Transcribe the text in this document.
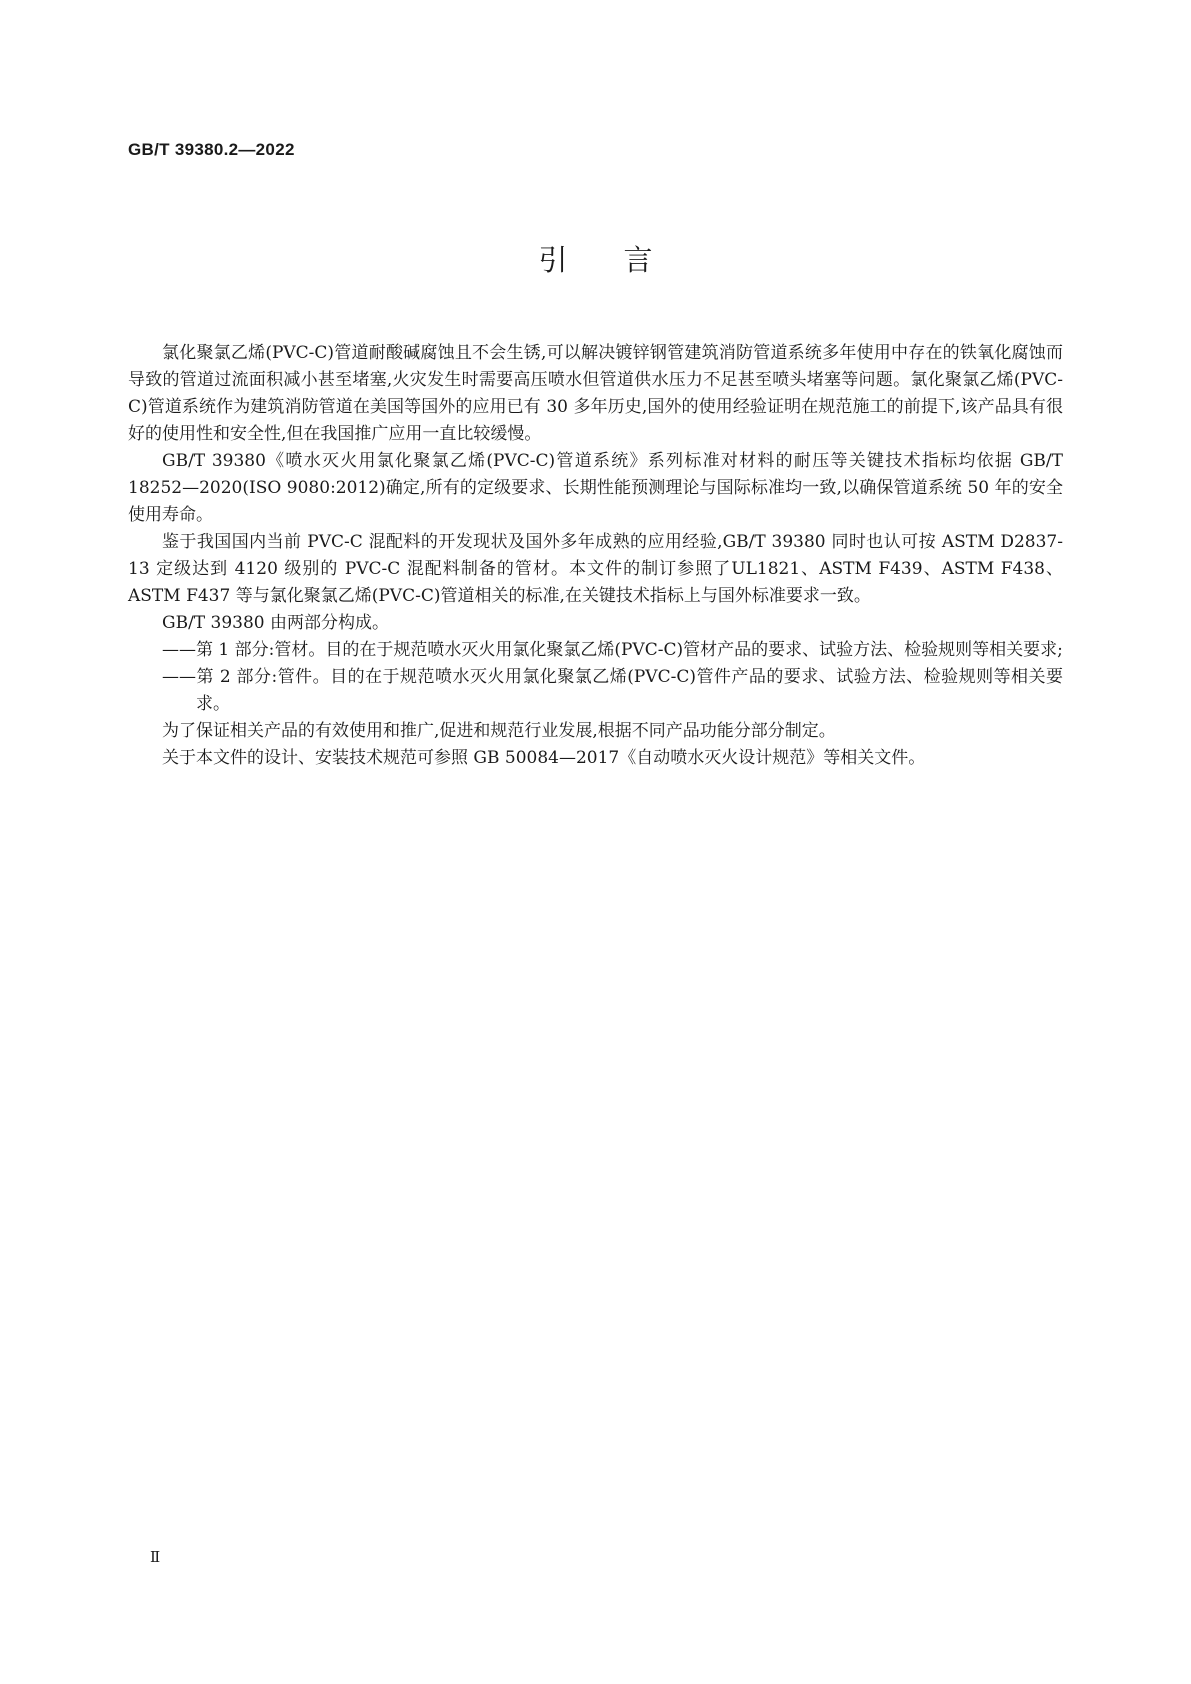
GB/T 39380.2—2022
引言

氯化聚氯乙烯(PVC-C)管道耐酸碱腐蚀且不会生锈,可以解决镀锌钢管建筑消防管道系统多年使用中存在的铁氧化腐蚀而导致的管道过流面积减小甚至堵塞,火灾发生时需要高压喷水但管道供水压力不足甚至喷头堵塞等问题。氯化聚氯乙烯(PVC-C)管道系统作为建筑消防管道在美国等国外的应用已有 30 多年历史,国外的使用经验证明在规范施工的前提下,该产品具有很好的使用性和安全性,但在我国推广应用一直比较缓慢。

GB/T 39380《喷水灭火用氯化聚氯乙烯(PVC-C)管道系统》系列标准对材料的耐压等关键技术指标均依据 GB/T 18252—2020(ISO 9080:2012)确定,所有的定级要求、长期性能预测理论与国际标准均一致,以确保管道系统 50 年的安全使用寿命。

鉴于我国国内当前 PVC-C 混配料的开发现状及国外多年成熟的应用经验,GB/T 39380 同时也认可按 ASTM D2837-13 定级达到 4120 级别的 PVC-C 混配料制备的管材。本文件的制订参照了UL1821、ASTM F439、ASTM F438、ASTM F437 等与氯化聚氯乙烯(PVC-C)管道相关的标准,在关键技术指标上与国外标准要求一致。

GB/T 39380 由两部分构成。

——第 1 部分:管材。目的在于规范喷水灭火用氯化聚氯乙烯(PVC-C)管材产品的要求、试验方法、检验规则等相关要求;

——第 2 部分:管件。目的在于规范喷水灭火用氯化聚氯乙烯(PVC-C)管件产品的要求、试验方法、检验规则等相关要求。

为了保证相关产品的有效使用和推广,促进和规范行业发展,根据不同产品功能分部分制定。

关于本文件的设计、安装技术规范可参照 GB 50084—2017《自动喷水灭火设计规范》等相关文件。

Ⅱ
